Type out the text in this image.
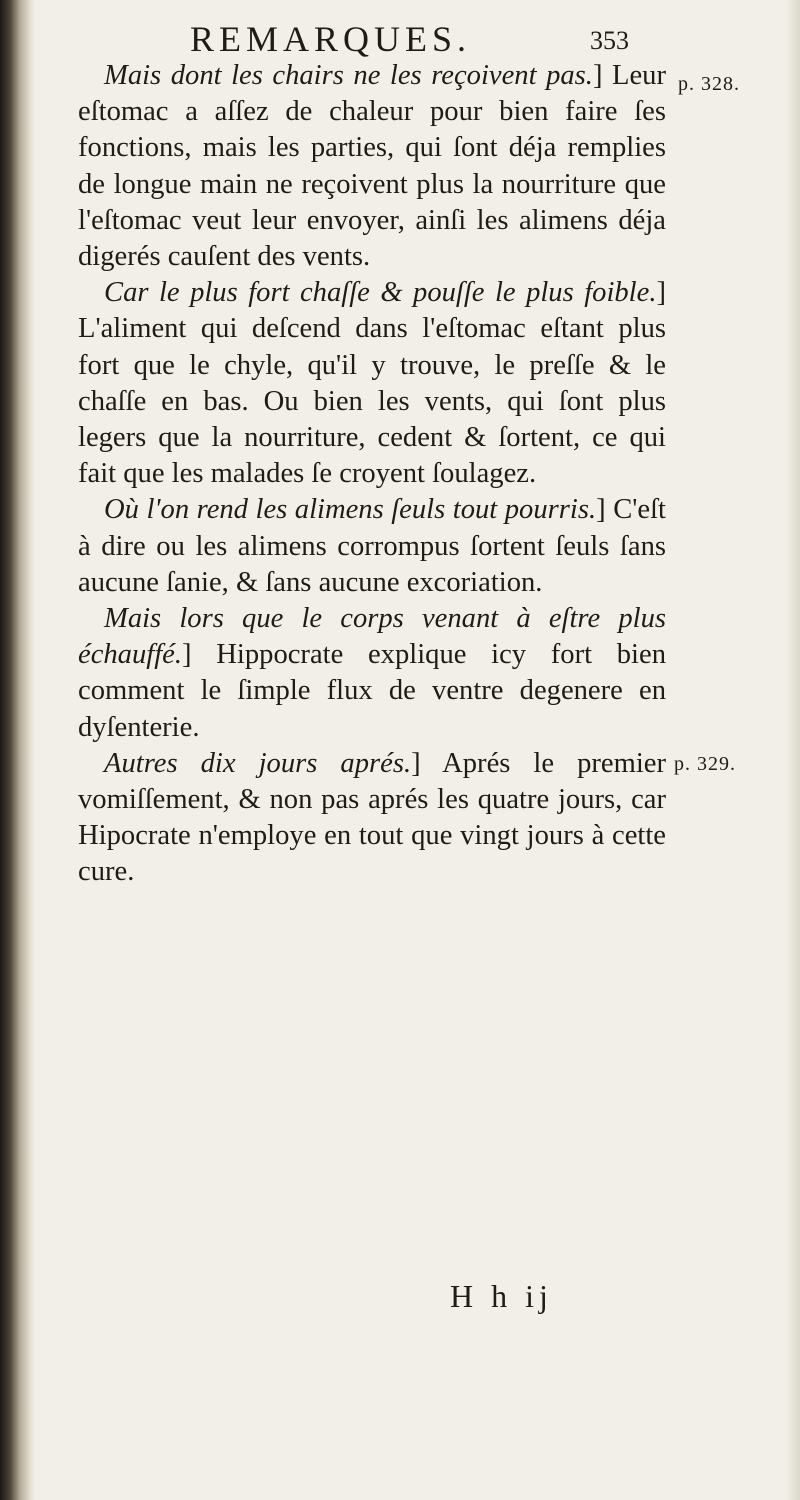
REMARQUES.	353

Mais dont les chairs ne les reçoivent pas.] Leur eſtomac a aſſez de chaleur pour bien faire ſes fonctions, mais les parties, qui ſont déja remplies de longue main ne reçoivent plus la nourriture que l'eſtomac veut leur envoyer, ainſi les alimens déja digerés cauſent des vents.

Car le plus fort chaſſe & pouſſe le plus foible.] L'aliment qui deſcend dans l'eſtomac eſtant plus fort que le chyle, qu'il y trouve, le preſſe & le chaſſe en bas. Ou bien les vents, qui ſont plus legers que la nourriture, cedent & ſortent, ce qui fait que les malades ſe croyent ſoulagez.

Où l'on rend les alimens ſeuls tout pourris.] C'eſt à dire ou les alimens corrompus ſortent ſeuls ſans aucune ſanie, & ſans aucune excoriation.

Mais lors que le corps venant à eſtre plus échauffé.] Hippocrate explique icy fort bien comment le ſimple flux de ventre degenere en dyſenterie.

Autres dix jours aprés.] Aprés le premier vomiſſement, & non pas aprés les quatre jours, car Hipocrate n'employe en tout que vingt jours à cette cure.

p. 328.
p. 329.
H h ij
